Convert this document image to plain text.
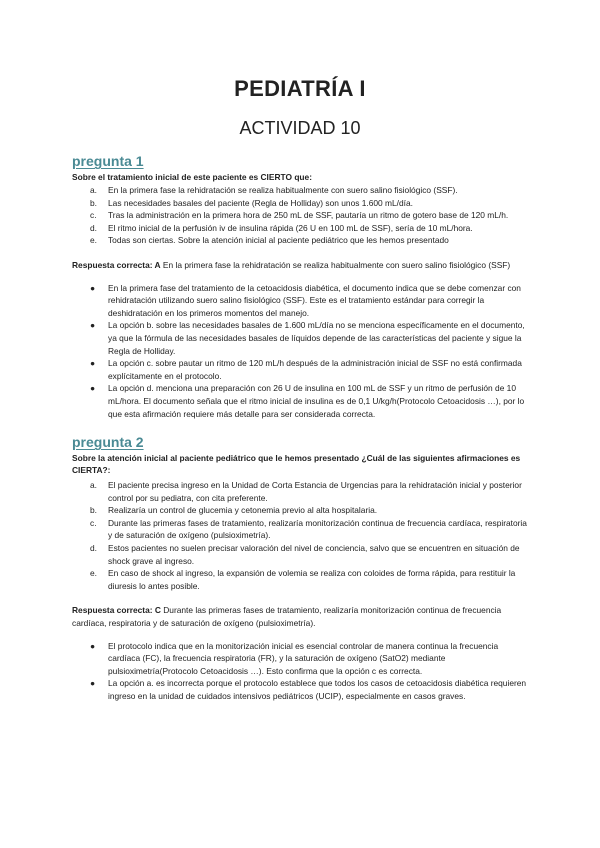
PEDIATRÍA I
ACTIVIDAD 10
pregunta 1
Sobre el tratamiento inicial de este paciente es CIERTO que:
a. En la primera fase la rehidratación se realiza habitualmente con suero salino fisiológico (SSF).
b. Las necesidades basales del paciente (Regla de Holliday) son unos 1.600 mL/día.
c. Tras la administración en la primera hora de 250 mL de SSF, pautaría un ritmo de gotero base de 120 mL/h.
d. El ritmo inicial de la perfusión iv de insulina rápida (26 U en 100 mL de SSF), sería de 10 mL/hora.
e. Todas son ciertas. Sobre la atención inicial al paciente pediátrico que les hemos presentado
Respuesta correcta: A En la primera fase la rehidratación se realiza habitualmente con suero salino fisiológico (SSF)
● En la primera fase del tratamiento de la cetoacidosis diabética, el documento indica que se debe comenzar con rehidratación utilizando suero salino fisiológico (SSF). Este es el tratamiento estándar para corregir la deshidratación en los primeros momentos del manejo.
● La opción b. sobre las necesidades basales de 1.600 mL/día no se menciona específicamente en el documento, ya que la fórmula de las necesidades basales de líquidos depende de las características del paciente y sigue la Regla de Holliday.
● La opción c. sobre pautar un ritmo de 120 mL/h después de la administración inicial de SSF no está confirmada explícitamente en el protocolo.
● La opción d. menciona una preparación con 26 U de insulina en 100 mL de SSF y un ritmo de perfusión de 10 mL/hora. El documento señala que el ritmo inicial de insulina es de 0,1 U/kg/h(Protocolo Cetoacidosis …), por lo que esta afirmación requiere más detalle para ser considerada correcta.
pregunta 2
Sobre la atención inicial al paciente pediátrico que le hemos presentado ¿Cuál de las siguientes afirmaciones es CIERTA?:
a. El paciente precisa ingreso en la Unidad de Corta Estancia de Urgencias para la rehidratación inicial y posterior control por su pediatra, con cita preferente.
b. Realizaría un control de glucemia y cetonemia previo al alta hospitalaria.
c. Durante las primeras fases de tratamiento, realizaría monitorización continua de frecuencia cardíaca, respiratoria y de saturación de oxígeno (pulsioximetría).
d. Estos pacientes no suelen precisar valoración del nivel de conciencia, salvo que se encuentren en situación de shock grave al ingreso.
e. En caso de shock al ingreso, la expansión de volemia se realiza con coloides de forma rápida, para restituir la diuresis lo antes posible.
Respuesta correcta: C Durante las primeras fases de tratamiento, realizaría monitorización continua de frecuencia cardíaca, respiratoria y de saturación de oxígeno (pulsioximetría).
● El protocolo indica que en la monitorización inicial es esencial controlar de manera continua la frecuencia cardíaca (FC), la frecuencia respiratoria (FR), y la saturación de oxígeno (SatO2) mediante pulsioximetría(Protocolo Cetoacidosis …). Esto confirma que la opción c es correcta.
● La opción a. es incorrecta porque el protocolo establece que todos los casos de cetoacidosis diabética requieren ingreso en la unidad de cuidados intensivos pediátricos (UCIP), especialmente en casos graves.
